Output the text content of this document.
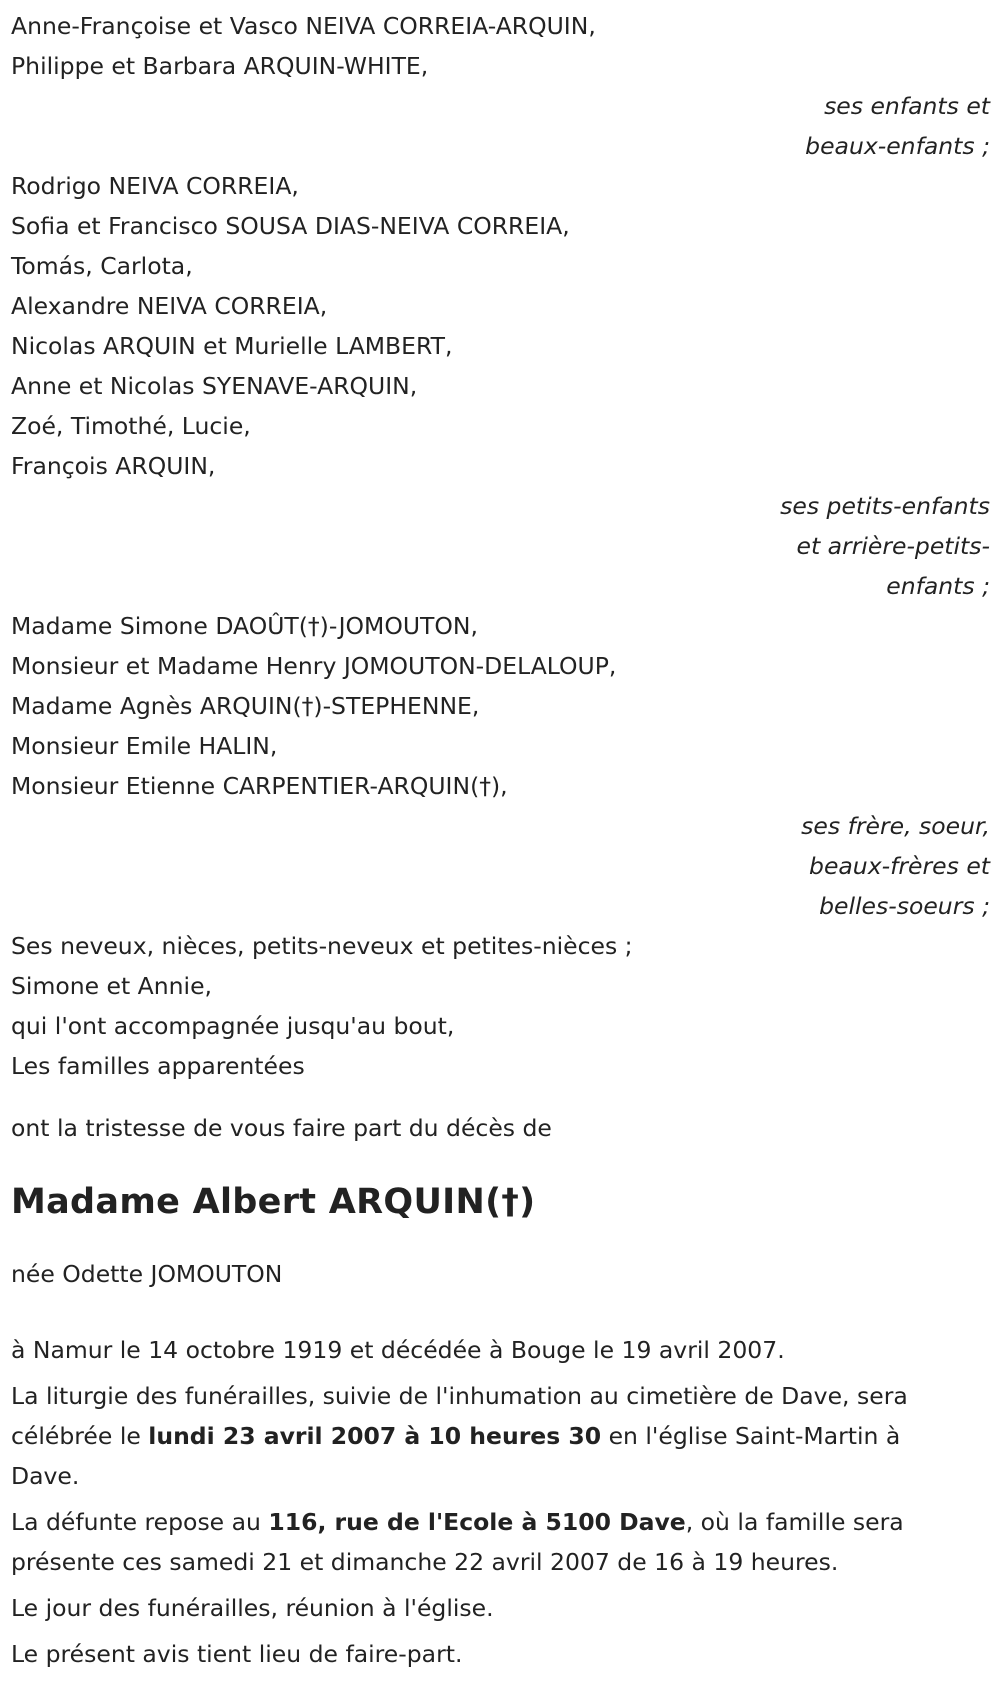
Anne-Françoise et Vasco NEIVA CORREIA-ARQUIN,
Philippe et Barbara ARQUIN-WHITE,
ses enfants et
beaux-enfants ;
Rodrigo NEIVA CORREIA,
Sofia et Francisco SOUSA DIAS-NEIVA CORREIA,
Tomás, Carlota,
Alexandre NEIVA CORREIA,
Nicolas ARQUIN et Murielle LAMBERT,
Anne et Nicolas SYENAVE-ARQUIN,
Zoé, Timothé, Lucie,
François ARQUIN,
ses petits-enfants
et arrière-petits-
enfants ;
Madame Simone DAOÛT(†)-JOMOUTON,
Monsieur et Madame Henry JOMOUTON-DELALOUP,
Madame Agnès ARQUIN(†)-STEPHENNE,
Monsieur Emile HALIN,
Monsieur Etienne CARPENTIER-ARQUIN(†),
ses frère, soeur,
beaux-frères et
belles-soeurs ;
Ses neveux, nièces, petits-neveux et petites-nièces ;
Simone et Annie,
qui l'ont accompagnée jusqu'au bout,
Les familles apparentées
ont la tristesse de vous faire part du décès de
Madame Albert ARQUIN(†)
née Odette JOMOUTON
à Namur le 14 octobre 1919 et décédée à Bouge le 19 avril 2007.
La liturgie des funérailles, suivie de l'inhumation au cimetière de Dave, sera célébrée le lundi 23 avril 2007 à 10 heures 30 en l'église Saint-Martin à Dave.
La défunte repose au 116, rue de l'Ecole à 5100 Dave, où la famille sera présente ces samedi 21 et dimanche 22 avril 2007 de 16 à 19 heures.
Le jour des funérailles, réunion à l'église.
Le présent avis tient lieu de faire-part.
